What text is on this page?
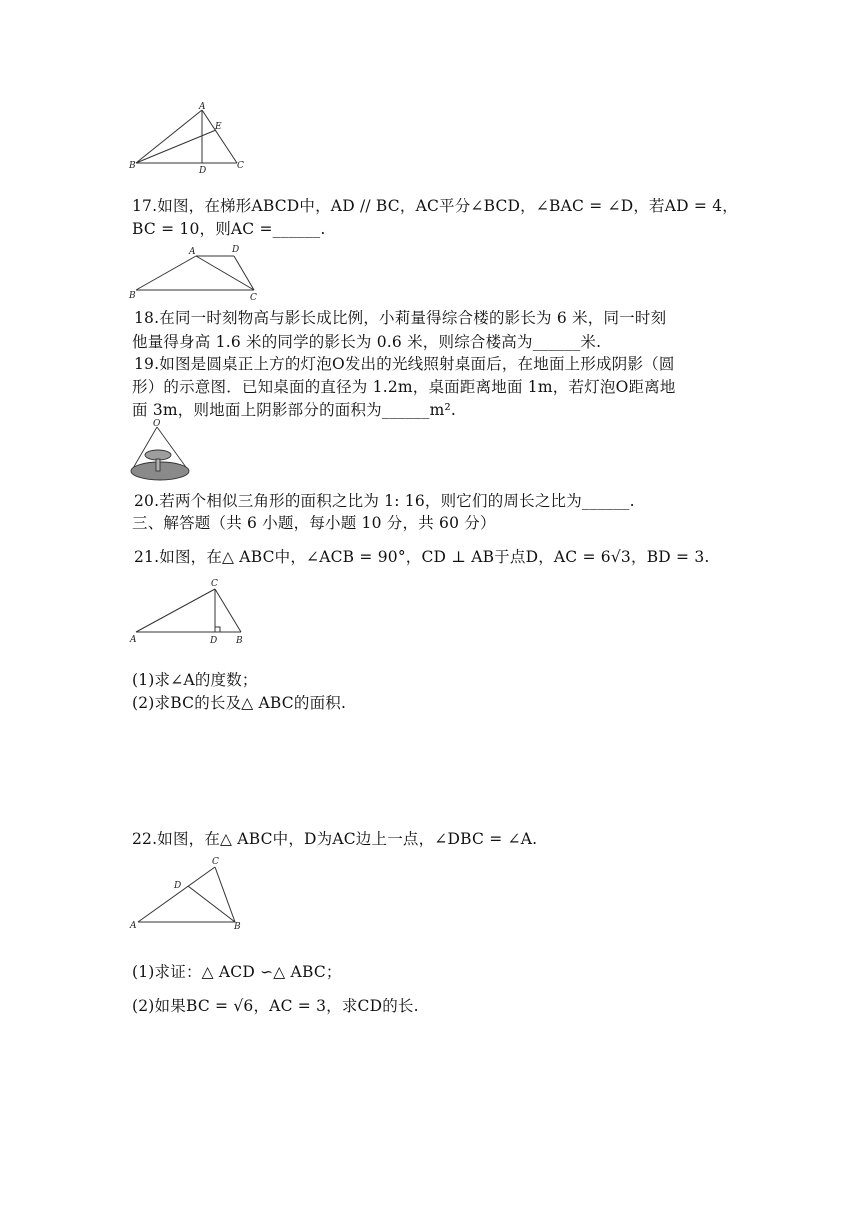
A
E
B	D	C
17.如图，在梯形ABCD中，AD // BC，AC平分∠BCD，∠BAC = ∠D，若AD = 4，
BC = 10，则AC =______.
A	D
B	C
18.在同一时刻物高与影长成比例，小莉量得综合楼的影长为 6 米，同一时刻
他量得身高 1.6 米的同学的影长为 0.6 米，则综合楼高为______米.
19.如图是圆桌正上方的灯泡O发出的光线照射桌面后，在地面上形成阴影（圆
形）的示意图．已知桌面的直径为 1.2m，桌面距离地面 1m，若灯泡O距离地
面 3m，则地面上阴影部分的面积为______m².
O
20.若两个相似三角形的面积之比为 1: 16，则它们的周长之比为______.
三、解答题（共 6 小题，每小题 10 分，共 60 分）
21.如图，在△ ABC中，∠ACB = 90°，CD ⊥ AB于点D，AC = 6√3，BD = 3.
C
A	D B
(1)求∠A的度数；
(2)求BC的长及△ ABC的面积.
22.如图，在△ ABC中，D为AC边上一点，∠DBC = ∠A.
C
D
A	B
(1)求证：△ ACD ∽△ ABC；
(2)如果BC = √6，AC = 3，求CD的长.
